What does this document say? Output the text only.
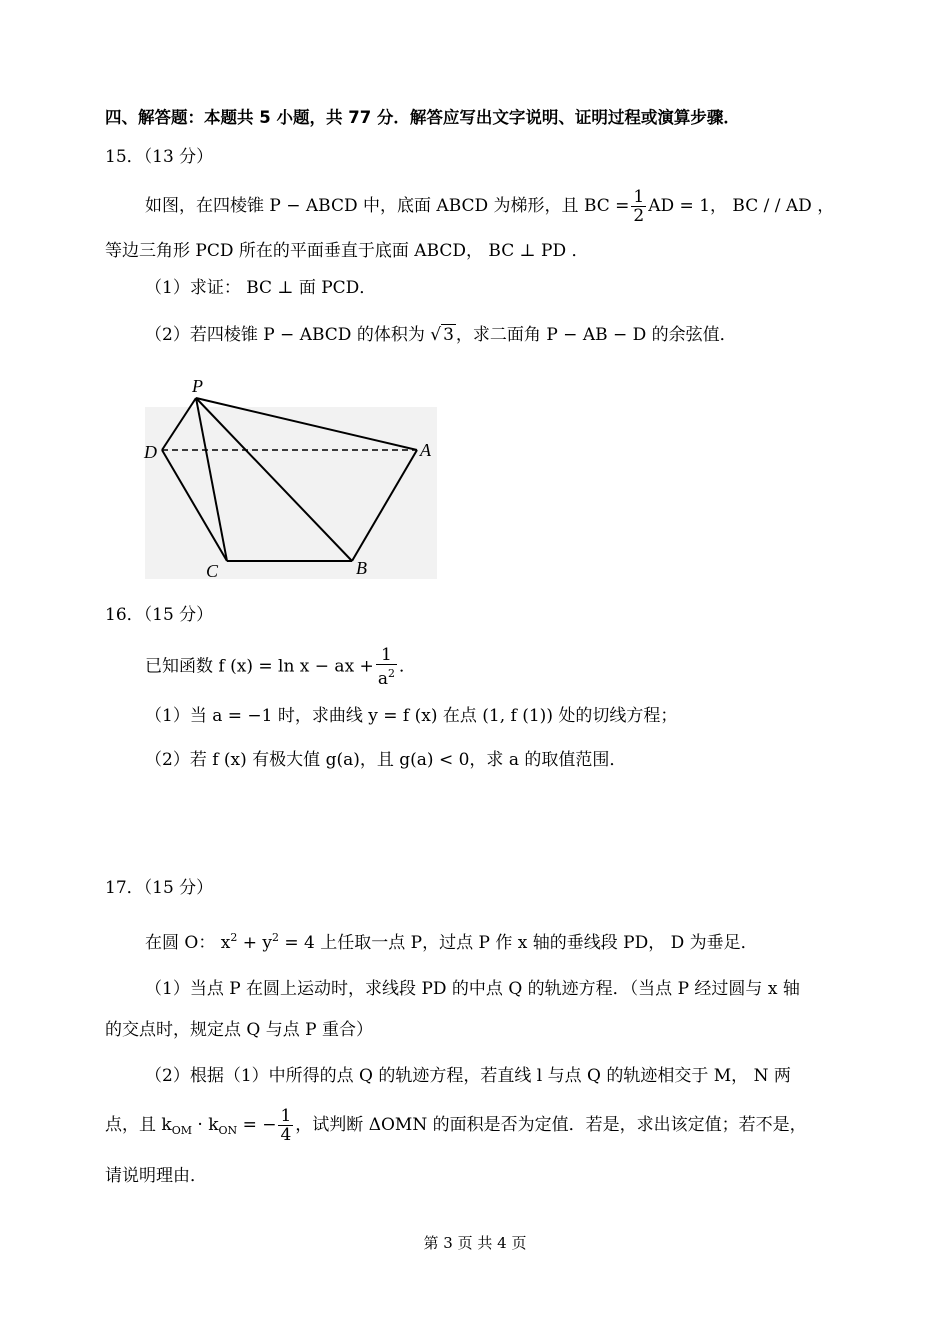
四、解答题：本题共 5 小题，共 77 分．解答应写出文字说明、证明过程或演算步骤．
15．（13 分）
如图，在四棱锥 P − ABCD 中，底面 ABCD 为梯形，且 BC = $\frac{1}{2}$ AD = 1， BC / / AD ，
等边三角形 PCD 所在的平面垂直于底面 ABCD， BC ⊥ PD ．
（1）求证： BC ⊥ 面 PCD．
（2）若四棱锥 P − ABCD 的体积为 √ 3 ，求二面角 P − AB − D 的余弦值．
P
D	A
C	B
16．（15 分）
已知函数 f (x) = ln x − ax + $\frac{1}{a^2}$ ．
（1）当 a = −1 时，求曲线 y = f (x) 在点 (1, f (1)) 处的切线方程；
（2）若 f (x) 有极大值 g(a)，且 g(a) < 0，求 a 的取值范围．
17．（15 分）
在圆 O： $x^2 + y^2 = 4$ 上任取一点 P，过点 P 作 x 轴的垂线段 PD， D 为垂足．
（1）当点 P 在圆上运动时，求线段 PD 的中点 Q 的轨迹方程．（当点 P 经过圆与 x 轴
的交点时，规定点 Q 与点 P 重合）
（2）根据（1）中所得的点 Q 的轨迹方程，若直线 l 与点 Q 的轨迹相交于 M， N 两
点，且 $k_{OM} \cdot k_{ON}$ = − $\frac{1}{4}$ ，试判断 ΔOMN 的面积是否为定值．若是，求出该定值；若不是，
请说明理由．
第 3 页 共 4 页
